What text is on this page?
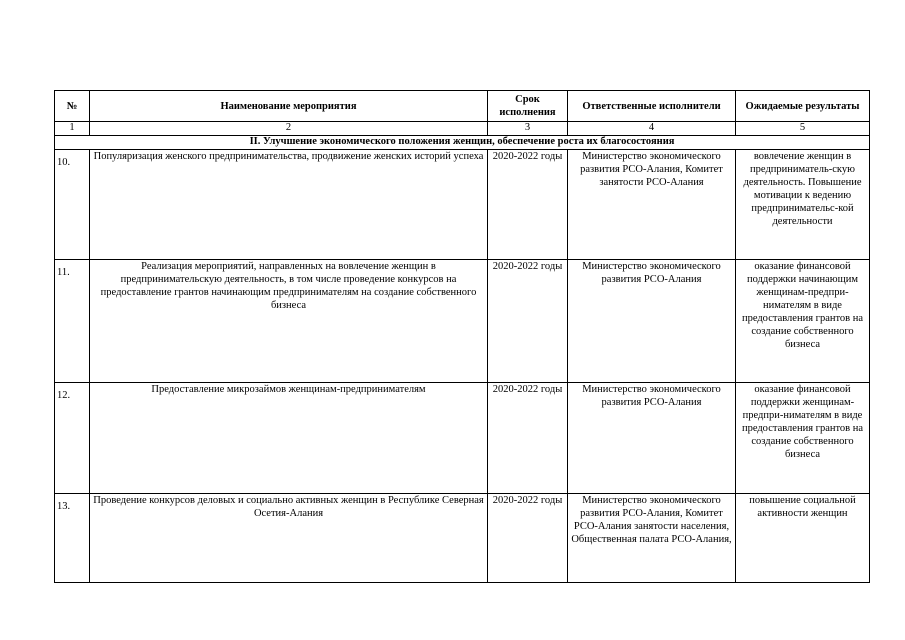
№	Наименование мероприятия	Срок исполнения	Ответственные исполнители	Ожидаемые результаты
1	2	3	4	5
II. Улучшение экономического положения женщин, обеспечение роста их благосостояния				
10.	Популяризация женского предпринимательства, продвижение женских историй успеха	2020-2022 годы	Министерство экономического развития РСО-Алания, Комитет занятости РСО-Алания	вовлечение женщин в предприниматель-скую деятельность. Повышение мотивации к ведению предпринимательс-кой деятельности
11.	Реализация мероприятий, направленных на вовлечение женщин в предпринимательскую деятельность, в том числе проведение конкурсов на предоставление грантов начинающим предпринимателям на создание собственного бизнеса	2020-2022 годы	Министерство экономического развития РСО-Алания	оказание финансовой поддержки начинающим женщинам-предпри-нимателям в виде предоставления грантов на создание собственного бизнеса
12.	Предоставление микрозаймов женщинам-предпринимателям	2020-2022 годы	Министерство экономического развития РСО-Алания	оказание финансовой поддержки женщинам-предпри-нимателям в виде предоставления грантов на создание собственного бизнеса
13.	Проведение конкурсов деловых и социально активных женщин в Республике Северная Осетия-Алания	2020-2022 годы	Министерство экономического развития РСО-Алания, Комитет РСО-Алания занятости населения, Общественная палата РСО-Алания,	повышение социальной активности женщин
